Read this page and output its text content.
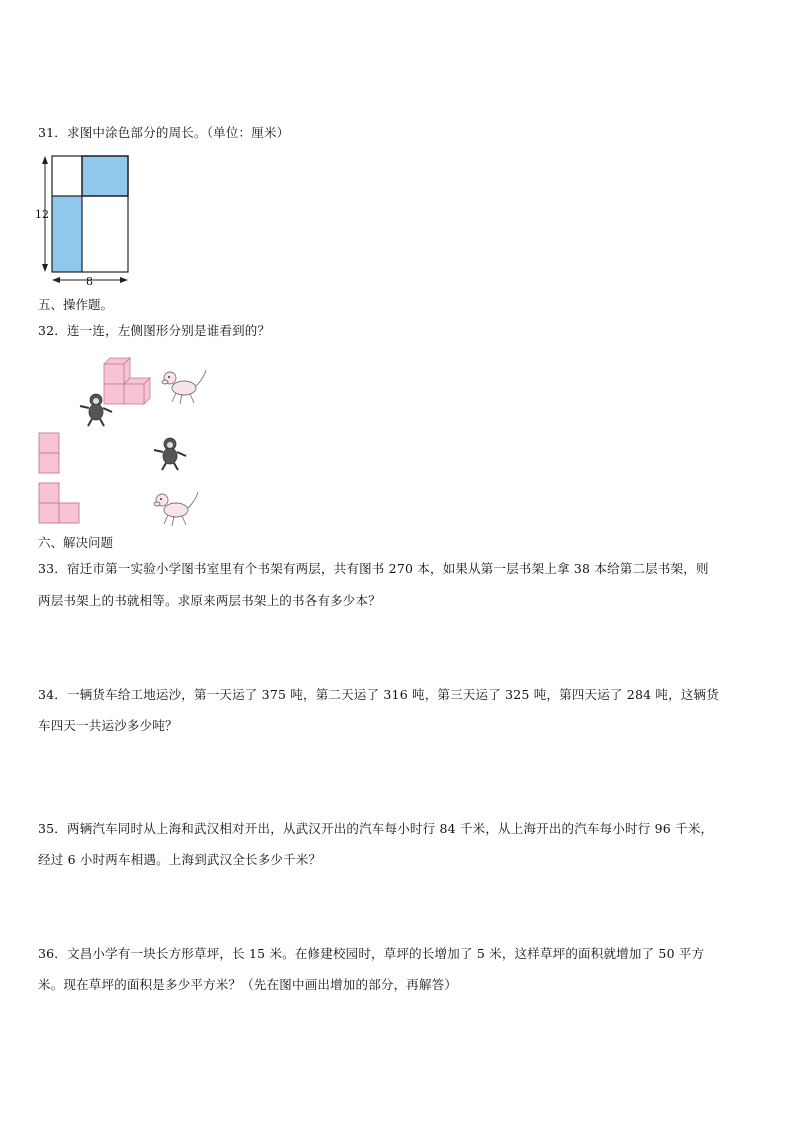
31．求图中涂色部分的周长。（单位：厘米）
12
8
五、操作题。
32．连一连，左侧图形分别是谁看到的？
六、解决问题
33．宿迁市第一实验小学图书室里有个书架有两层，共有图书 270 本，如果从第一层书架上拿 38 本给第二层书架，则
两层书架上的书就相等。求原来两层书架上的书各有多少本？
34．一辆货车给工地运沙，第一天运了 375 吨，第二天运了 316 吨，第三天运了 325 吨，第四天运了 284 吨，这辆货
车四天一共运沙多少吨？
35．两辆汽车同时从上海和武汉相对开出，从武汉开出的汽车每小时行 84 千米，从上海开出的汽车每小时行 96 千米，
经过 6 小时两车相遇。上海到武汉全长多少千米？
36．文昌小学有一块长方形草坪，长 15 米。在修建校园时，草坪的长增加了 5 米，这样草坪的面积就增加了 50 平方
米。现在草坪的面积是多少平方米？（先在图中画出增加的部分，再解答）
